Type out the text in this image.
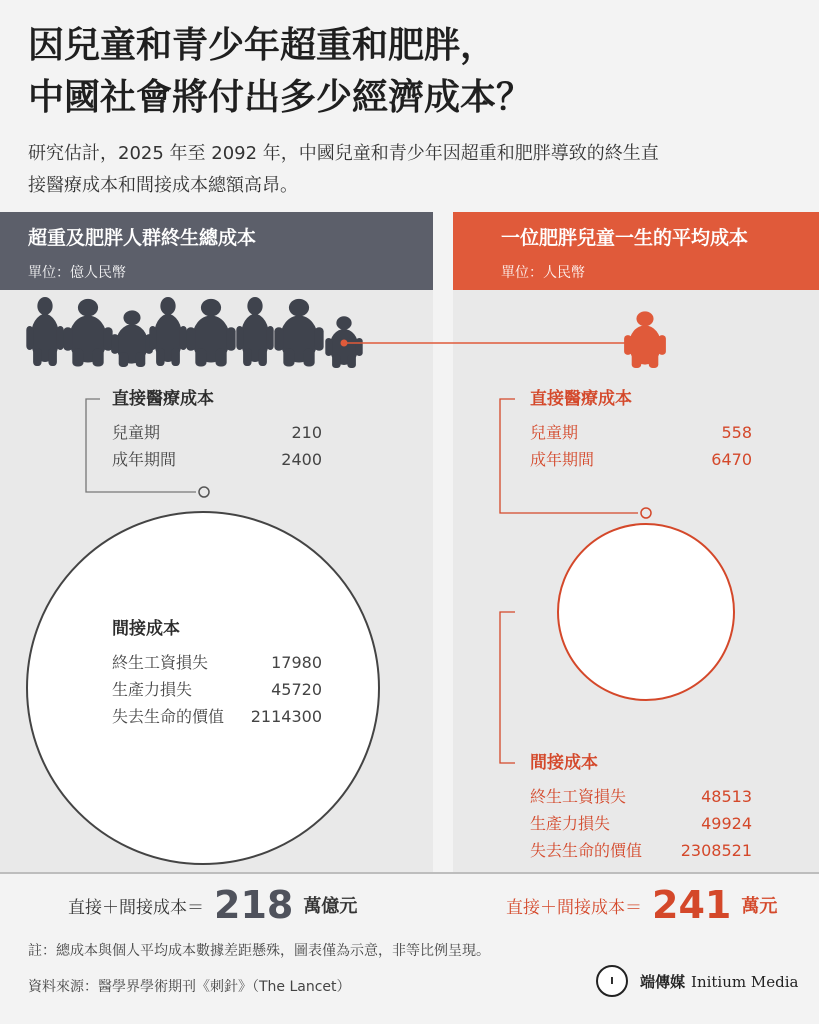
因兒童和青少年超重和肥胖，
中國社會將付出多少經濟成本？

研究估計，2025 年至 2092 年，中國兒童和青少年因超重和肥胖導致的終生直
接醫療成本和間接成本總額高昂。

超重及肥胖人群終生總成本
單位：億人民幣
一位肥胖兒童一生的平均成本
單位：人民幣
直接醫療成本
兒童期	210
成年期間	2400
間接成本
終生工資損失	17980
生產力損失	45720
失去生命的價值 2114300
直接醫療成本
兒童期	558
成年期間	6470
間接成本
終生工資損失	48513
生產力損失	49924
失去生命的價值 2308521
直接＋間接成本＝ 218 萬億元	直接＋間接成本＝ 241 萬元
註：總成本與個人平均成本數據差距懸殊，圖表僅為示意，非等比例呈現。
資料來源：醫學界學術期刊《刺針》（The Lancet）	I	端傳媒 Initium Media
